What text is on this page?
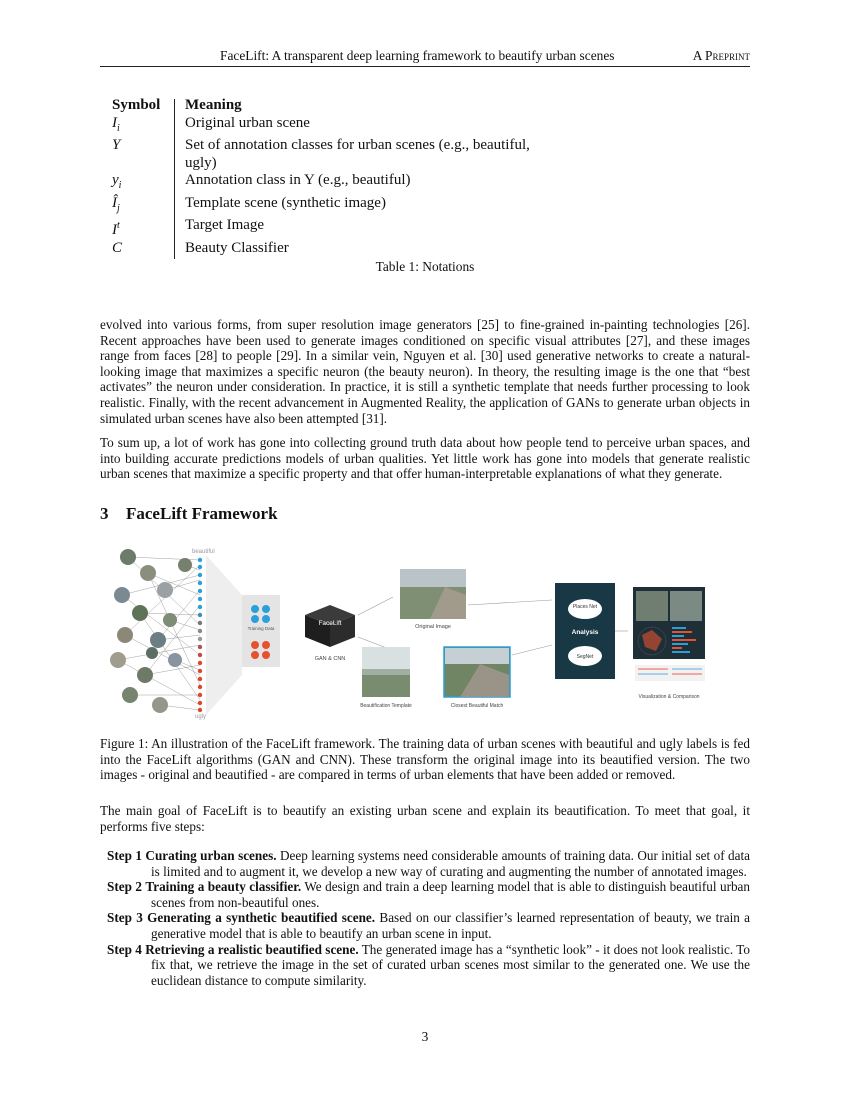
FaceLift: A transparent deep learning framework to beautify urban scenes	A Preprint
Symbol	Meaning
$I_i$	Original urban scene
Y	Set of annotation classes for urban scenes (e.g., beautiful, ugly)
$y_i$	Annotation class in Y (e.g., beautiful)
$Î_j$	Template scene (synthetic image)
$I^t$	Target Image
C	Beauty Classifier
Table 1: Notations
evolved into various forms, from super resolution image generators [25] to fine-grained in-painting technologies [26]. Recent approaches have been used to generate images conditioned on specific visual attributes [27], and these images range from faces [28] to people [29]. In a similar vein, Nguyen et al. [30] used generative networks to create a natural-looking image that maximizes a specific neuron (the beauty neuron). In theory, the resulting image is the one that “best activates” the neuron under consideration. In practice, it is still a synthetic template that needs further processing to look realistic. Finally, with the recent advancement in Augmented Reality, the application of GANs to generate urban objects in simulated urban scenes have also been attempted [31].
To sum up, a lot of work has gone into collecting ground truth data about how people tend to perceive urban spaces, and into building accurate predictions models of urban qualities. Yet little work has gone into models that generate realistic urban scenes that maximize a specific property and that offer human-interpretable explanations of what they generate.
3 FaceLift Framework
beautiful
ugly
Training Data
FaceLift
GAN & CNN
Original Image
Beautification Template	Closest Beautiful Match
Places Net
Analysis
SegNet
Visualization & Comparison
Figure 1: An illustration of the FaceLift framework. The training data of urban scenes with beautiful and ugly labels is fed into the FaceLift algorithms (GAN and CNN). These transform the original image into its beautified version. The two images - original and beautified - are compared in terms of urban elements that have been added or removed.
The main goal of FaceLift is to beautify an existing urban scene and explain its beautification. To meet that goal, it performs five steps:
Step 1 Curating urban scenes. Deep learning systems need considerable amounts of training data. Our initial set of data is limited and to augment it, we develop a new way of curating and augmenting the number of annotated images.
Step 2 Training a beauty classifier. We design and train a deep learning model that is able to distinguish beautiful urban scenes from non-beautiful ones.
Step 3 Generating a synthetic beautified scene. Based on our classifier’s learned representation of beauty, we train a generative model that is able to beautify an urban scene in input.
Step 4 Retrieving a realistic beautified scene. The generated image has a “synthetic look” - it does not look realistic. To fix that, we retrieve the image in the set of curated urban scenes most similar to the generated one. We use the euclidean distance to compute similarity.
3
